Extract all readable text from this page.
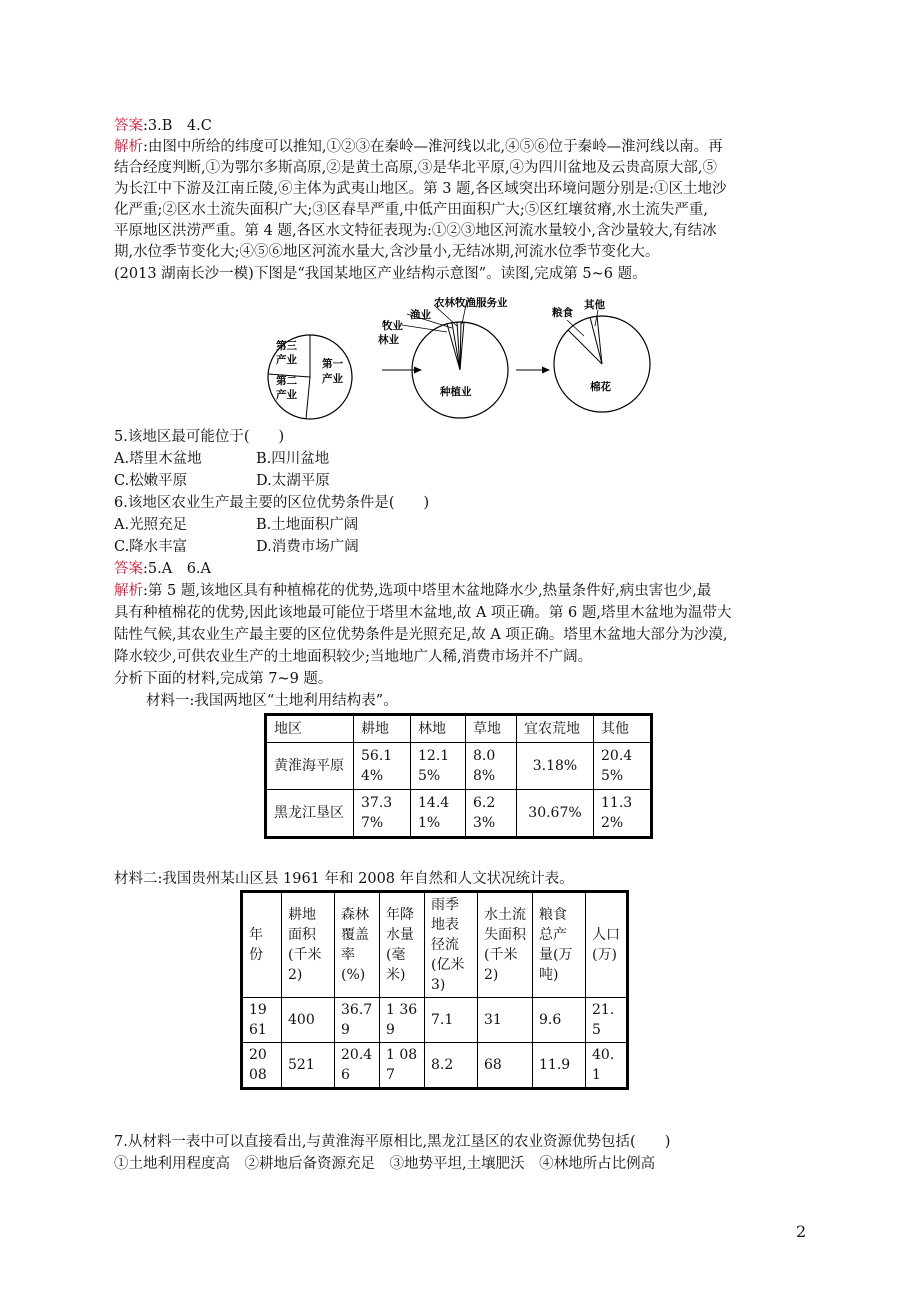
答案:3.B　4.C
解析:由图中所给的纬度可以推知,①②③在秦岭—淮河线以北,④⑤⑥位于秦岭—淮河线以南。再
结合经度判断,①为鄂尔多斯高原,②是黄土高原,③是华北平原,④为四川盆地及云贵高原大部,⑤
为长江中下游及江南丘陵,⑥主体为武夷山地区。第 3 题,各区域突出环境问题分别是:①区土地沙
化严重;②区水土流失面积广大;③区春旱严重,中低产田面积广大;⑤区红壤贫瘠,水土流失严重,
平原地区洪涝严重。第 4 题,各区水文特征表现为:①②③地区河流水量较小,含沙量较大,有结冰
期,水位季节变化大;④⑤⑥地区河流水量大,含沙量小,无结冰期,河流水位季节变化大。
(2013 湖南长沙一模)下图是“我国某地区产业结构示意图”。读图,完成第 5~6 题。
第三
产业
第二
产业
第一
产业
林业
牧业
渔业
农林牧渔服务业
种植业
粮食
其他
棉花
5.该地区最可能位于(　　)
A.塔里木盆地	B.四川盆地
C.松嫩平原	D.太湖平原
6.该地区农业生产最主要的区位优势条件是(　　)
A.光照充足	B.土地面积广阔
C.降水丰富	D.消费市场广阔
答案:5.A　6.A
解析:第 5 题,该地区具有种植棉花的优势,选项中塔里木盆地降水少,热量条件好,病虫害也少,最
具有种植棉花的优势,因此该地最可能位于塔里木盆地,故 A 项正确。第 6 题,塔里木盆地为温带大
陆性气候,其农业生产最主要的区位优势条件是光照充足,故 A 项正确。塔里木盆地大部分为沙漠,
降水较少,可供农业生产的土地面积较少;当地地广人稀,消费市场并不广阔。
分析下面的材料,完成第 7~9 题。
材料一:我国两地区“土地利用结构表”。
地区	耕地	林地	草地	宜农荒地	其他
黄淮海平原	56.14%	12.15%	8.08%	3.18%	20.45%
黑龙江垦区	37.37%	14.41%	6.23%	30.67%	11.32%
材料二:我国贵州某山区县 1961 年和 2008 年自然和人文状况统计表。
年份	耕地面积(千米2)	森林覆盖率(%)	年降水量(毫米)	雨季地表径流(亿米3)	水土流失面积(千米2)	粮食总产量(万吨)	人口(万)
1961	400	36.79	1 369	7.1	31	9.6	21.5
2008	521	20.46	1 087	8.2	68	11.9	40.1
7.从材料一表中可以直接看出,与黄淮海平原相比,黑龙江垦区的农业资源优势包括(　　)
①土地利用程度高　②耕地后备资源充足　③地势平坦,土壤肥沃　④林地所占比例高
2
